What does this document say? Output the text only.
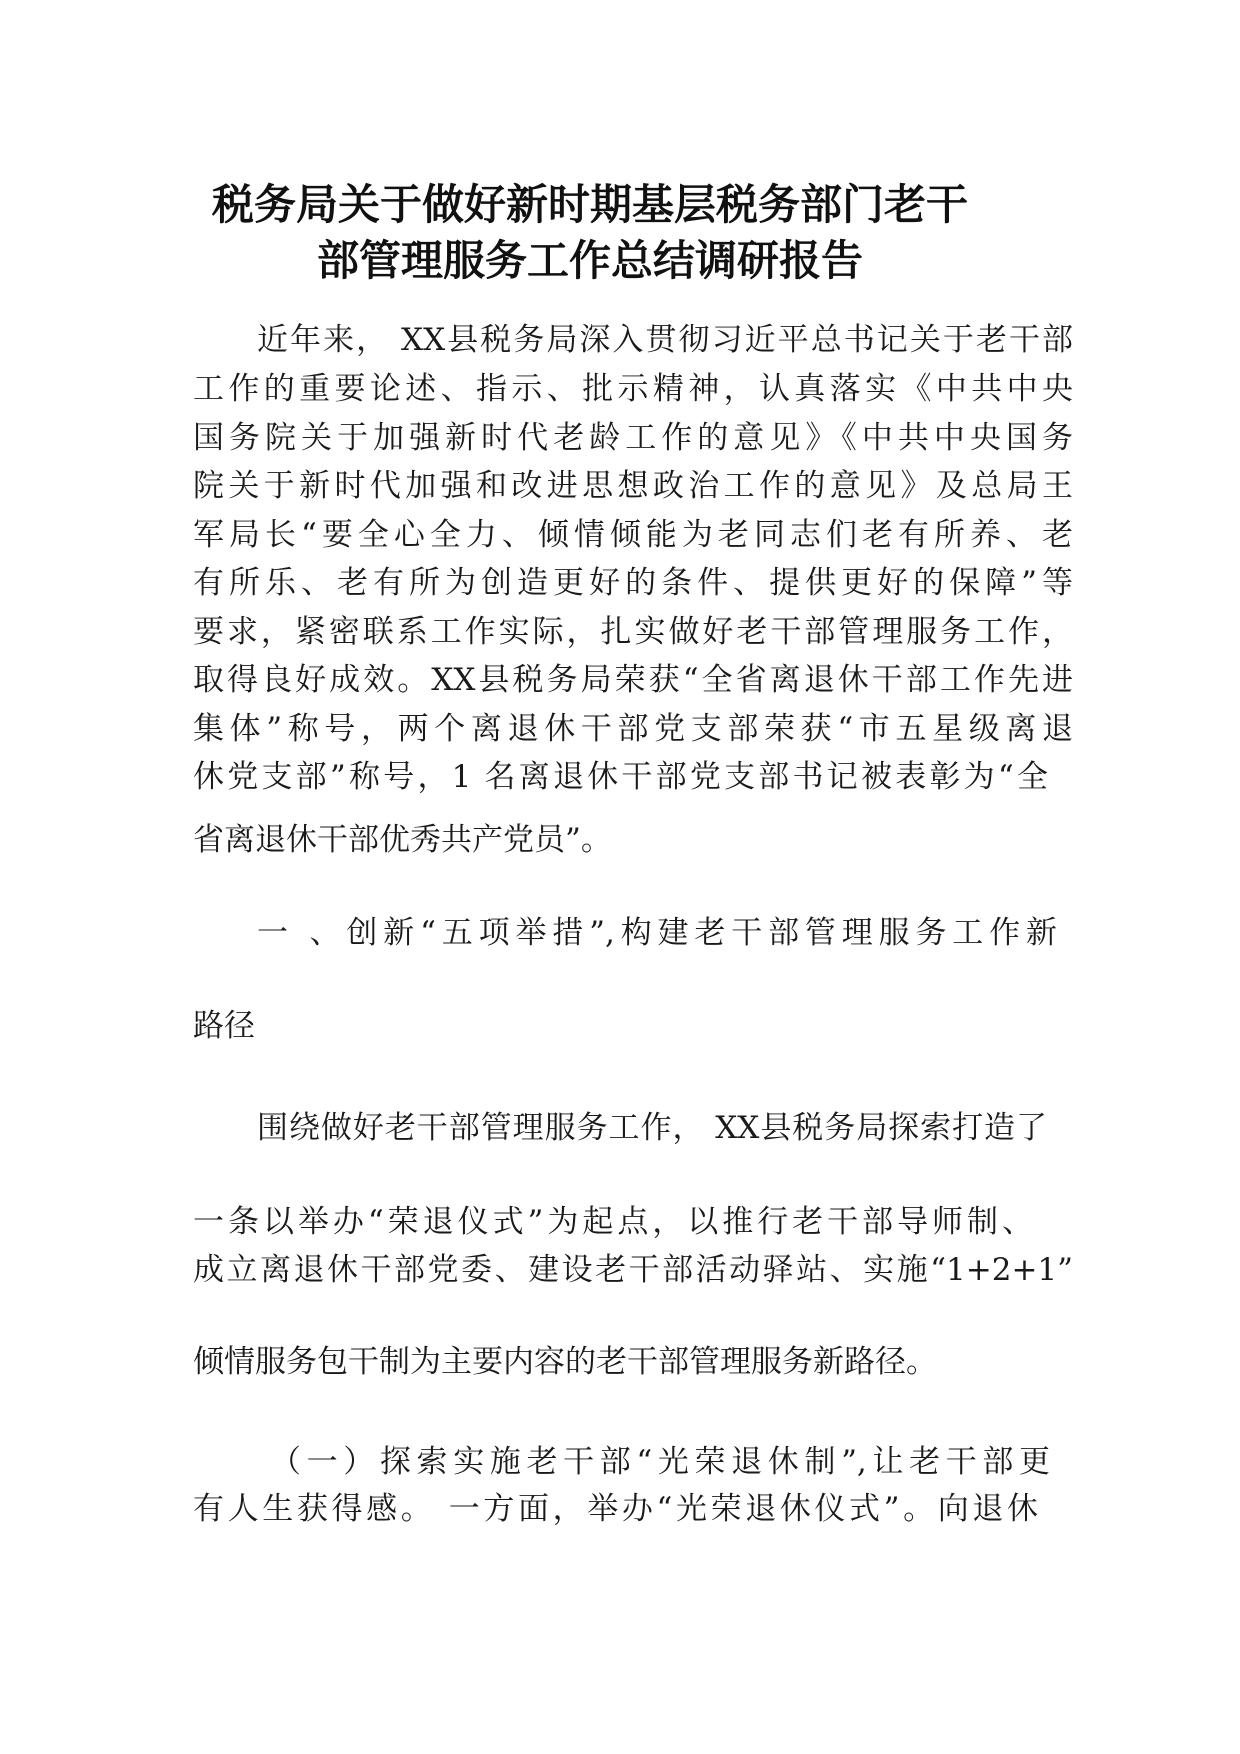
税务局关于做好新时期基层税务部门老干
部管理服务工作总结调研报告
近年来， XX县税务局深入贯彻习近平总书记关于老干部
工作的重要论述、指示、批示精神，认真落实《中共中央
国务院关于加强新时代老龄工作的意见》《中共中央国务
院关于新时代加强和改进思想政治工作的意见》及总局王
军局长“要全心全力、倾情倾能为老同志们老有所养、老
有所乐、老有所为创造更好的条件、提供更好的保障”等
要求，紧密联系工作实际，扎实做好老干部管理服务工作，
取得良好成效。XX县税务局荣获“全省离退休干部工作先进
集体”称号，两个离退休干部党支部荣获“市五星级离退
休党支部”称号，1 名离退休干部党支部书记被表彰为“全
省离退休干部优秀共产党员”。
一 、创新“五项举措”,构建老干部管理服务工作新
路径
围绕做好老干部管理服务工作， XX县税务局探索打造了
一条以举办“荣退仪式”为起点，以推行老干部导师制、
成立离退休干部党委、建设老干部活动驿站、实施“1+2+1”
倾情服务包干制为主要内容的老干部管理服务新路径。
（一）探索实施老干部“光荣退休制”,让老干部更
有人生获得感。 一方面，举办“光荣退休仪式”。向退休
